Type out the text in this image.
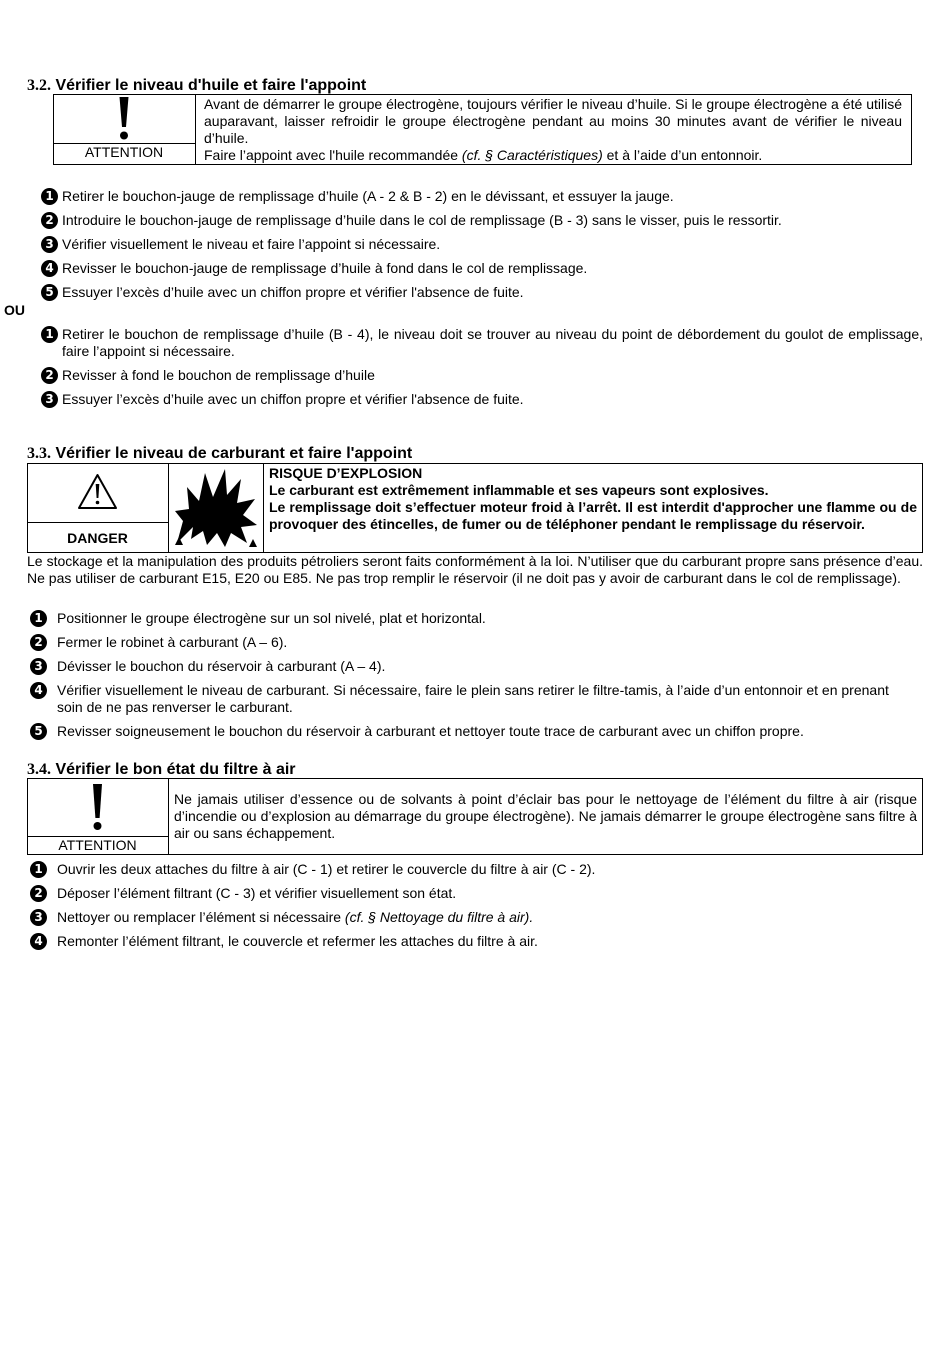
3.2. Vérifier le niveau d'huile et faire l'appoint
ATTENTION
Avant de démarrer le groupe électrogène, toujours vérifier le niveau d’huile. Si le groupe électrogène a été utilisé auparavant, laisser refroidir le groupe électrogène pendant au moins 30 minutes avant de vérifier le niveau d’huile.
Faire l’appoint avec l'huile recommandée (cf. § Caractéristiques) et à l’aide d’un entonnoir.
1 Retirer le bouchon-jauge de remplissage d’huile (A - 2 & B - 2) en le dévissant, et essuyer la jauge.
2 Introduire le bouchon-jauge de remplissage d’huile dans le col de remplissage (B - 3) sans le visser, puis le ressortir.
3 Vérifier visuellement le niveau et faire l’appoint si nécessaire.
4 Revisser le bouchon-jauge de remplissage d’huile à fond dans le col de remplissage.
5 Essuyer l’excès d’huile avec un chiffon propre et vérifier l'absence de fuite.
OU
1 Retirer le bouchon de remplissage d’huile (B - 4), le niveau doit se trouver au niveau du point de débordement du goulot de emplissage, faire l’appoint si nécessaire.
2 Revisser à fond le bouchon de remplissage d’huile
3 Essuyer l’excès d’huile avec un chiffon propre et vérifier l'absence de fuite.
3.3. Vérifier le niveau de carburant et faire l'appoint
DANGER
RISQUE D’EXPLOSION
Le carburant est extrêmement inflammable et ses vapeurs sont explosives.
Le remplissage doit s’effectuer moteur froid à l’arrêt. Il est interdit d'approcher une flamme ou de provoquer des étincelles, de fumer ou de téléphoner pendant le remplissage du réservoir.
Le stockage et la manipulation des produits pétroliers seront faits conformément à la loi. N’utiliser que du carburant propre sans présence d’eau. Ne pas utiliser de carburant E15, E20 ou E85. Ne pas trop remplir le réservoir (il ne doit pas y avoir de carburant dans le col de remplissage).
1	Positionner le groupe électrogène sur un sol nivelé, plat et horizontal.
2	Fermer le robinet à carburant (A – 6).
3	Dévisser le bouchon du réservoir à carburant (A – 4).
4	Vérifier visuellement le niveau de carburant. Si nécessaire, faire le plein sans retirer le filtre-tamis, à l’aide d’un entonnoir et en prenant soin de ne pas renverser le carburant.
5	Revisser soigneusement le bouchon du réservoir à carburant et nettoyer toute trace de carburant avec un chiffon propre.
3.4. Vérifier le bon état du filtre à air
ATTENTION
Ne jamais utiliser d’essence ou de solvants à point d’éclair bas pour le nettoyage de l’élément du filtre à air (risque d’incendie ou d’explosion au démarrage du groupe électrogène). Ne jamais démarrer le groupe électrogène sans filtre à air ou sans échappement.
1	Ouvrir les deux attaches du filtre à air (C - 1) et retirer le couvercle du filtre à air (C - 2).
2	Déposer l’élément filtrant (C - 3) et vérifier visuellement son état.
3	Nettoyer ou remplacer l’élément si nécessaire (cf. § Nettoyage du filtre à air).
4	Remonter l’élément filtrant, le couvercle et refermer les attaches du filtre à air.
